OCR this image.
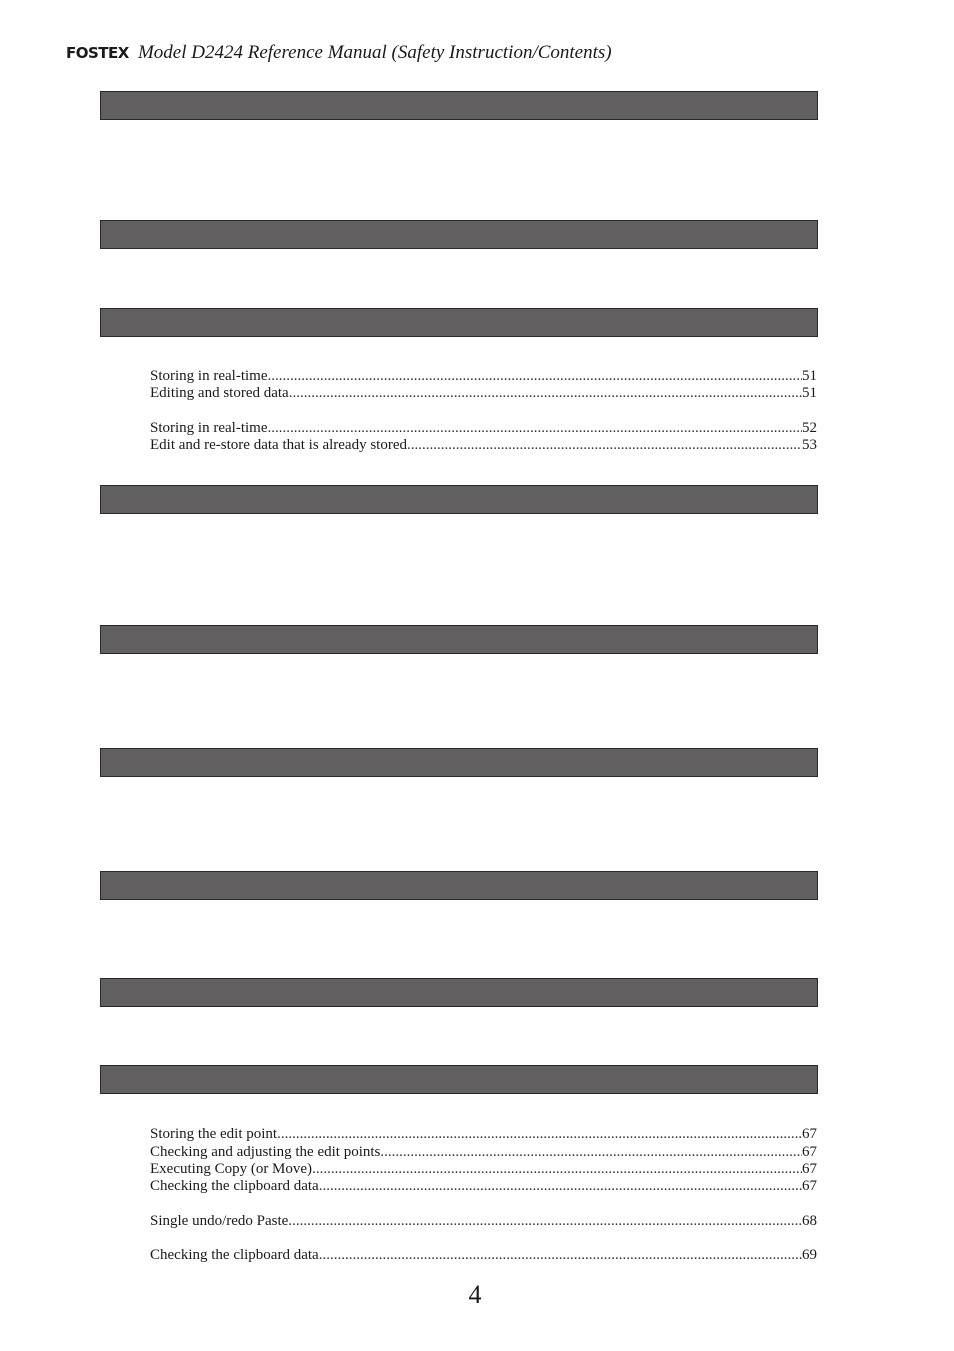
FOSTEX Model D2424 Reference Manual (Safety Instruction/Contents)
Storing in real-time .....	51
Editing and stored data .....	51
Storing in real-time .....	52
Edit and re-store data that is already stored .....	53
Storing the edit point .....	67
Checking and adjusting the edit points .....	67
Executing Copy (or Move) .....	67
Checking the clipboard data .....	67
Single undo/redo Paste .....	68
Checking the clipboard data .....	69
4
